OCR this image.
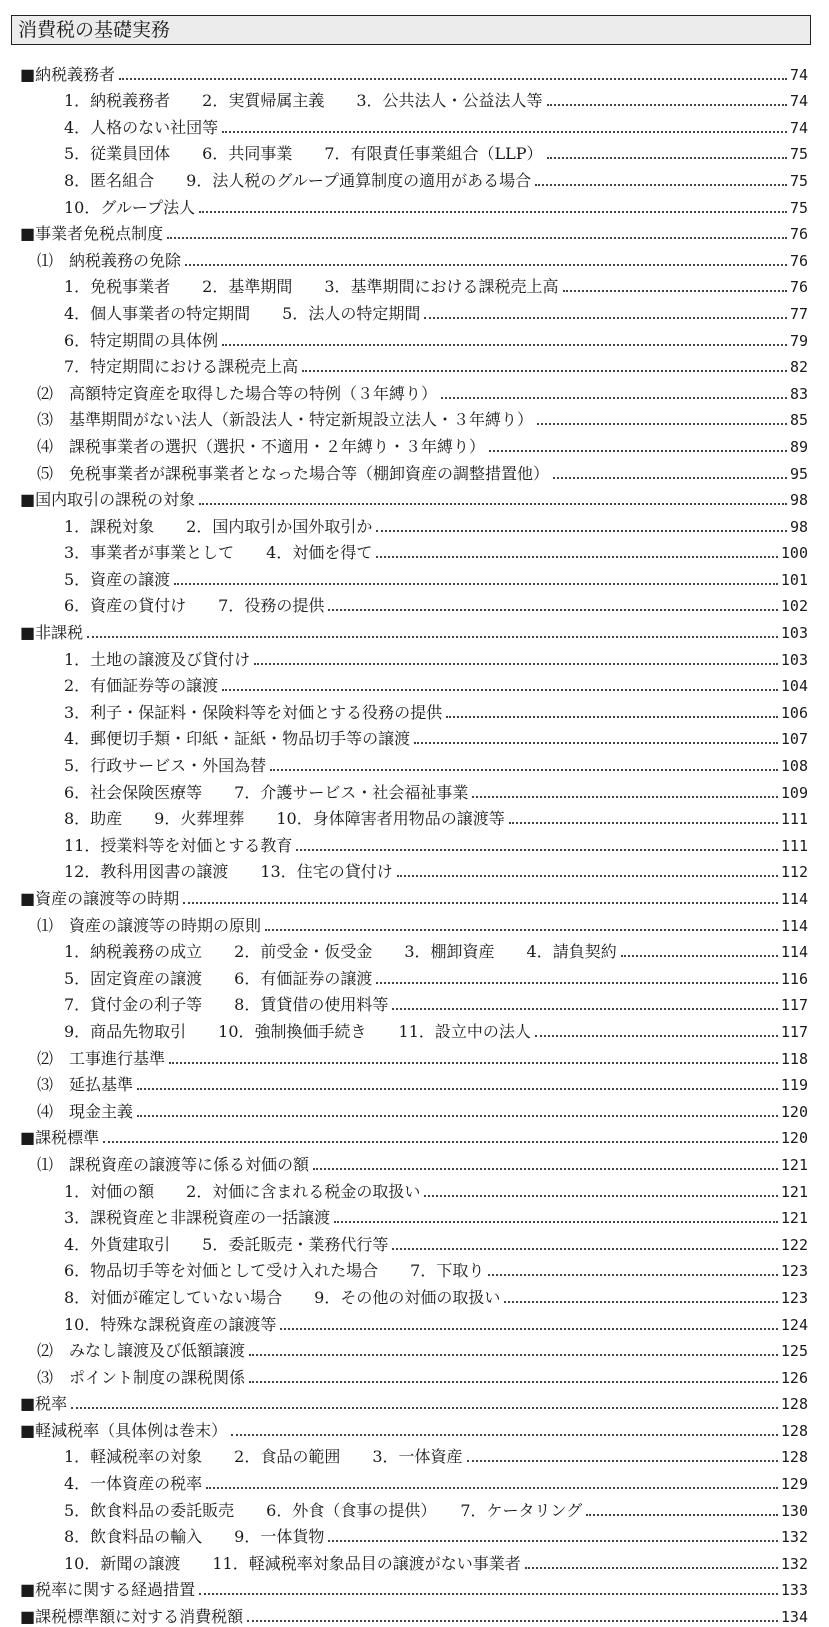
消費税の基礎実務
■納税義務者	74
1．納税義務者　　2．実質帰属主義　　3．公共法人・公益法人等	74
4．人格のない社団等	74
5．従業員団体　　6．共同事業　　7．有限責任事業組合（LLP）	75
8．匿名組合　　9．法人税のグループ通算制度の適用がある場合	75
10．グループ法人	75
■事業者免税点制度	76
⑴　納税義務の免除	76
1．免税事業者　　2．基準期間　　3．基準期間における課税売上高	76
4．個人事業者の特定期間　　5．法人の特定期間	77
6．特定期間の具体例	79
7．特定期間における課税売上高	82
⑵　高額特定資産を取得した場合等の特例（３年縛り）	83
⑶　基準期間がない法人（新設法人・特定新規設立法人・３年縛り）	85
⑷　課税事業者の選択（選択・不適用・２年縛り・３年縛り）	89
⑸　免税事業者が課税事業者となった場合等（棚卸資産の調整措置他）	95
■国内取引の課税の対象	98
1．課税対象　　2．国内取引か国外取引か	98
3．事業者が事業として　　4．対価を得て	100
5．資産の譲渡	101
6．資産の貸付け　　7．役務の提供	102
■非課税	103
1．土地の譲渡及び貸付け	103
2．有価証券等の譲渡	104
3．利子・保証料・保険料等を対価とする役務の提供	106
4．郵便切手類・印紙・証紙・物品切手等の譲渡	107
5．行政サービス・外国為替	108
6．社会保険医療等　　7．介護サービス・社会福祉事業	109
8．助産　　9．火葬埋葬　　10．身体障害者用物品の譲渡等	111
11．授業料等を対価とする教育	111
12．教科用図書の譲渡　　13．住宅の貸付け	112
■資産の譲渡等の時期	114
⑴　資産の譲渡等の時期の原則	114
1．納税義務の成立　　2．前受金・仮受金　　3．棚卸資産　　4．請負契約	114
5．固定資産の譲渡　　6．有価証券の譲渡	116
7．貸付金の利子等　　8．賃貸借の使用料等	117
9．商品先物取引　　10．強制換価手続き　　11．設立中の法人	117
⑵　工事進行基準	118
⑶　延払基準	119
⑷　現金主義	120
■課税標準	120
⑴　課税資産の譲渡等に係る対価の額	121
1．対価の額　　2．対価に含まれる税金の取扱い	121
3．課税資産と非課税資産の一括譲渡	121
4．外貨建取引　　5．委託販売・業務代行等	122
6．物品切手等を対価として受け入れた場合　　7．下取り	123
8．対価が確定していない場合　　9．その他の対価の取扱い	123
10．特殊な課税資産の譲渡等	124
⑵　みなし譲渡及び低額譲渡	125
⑶　ポイント制度の課税関係	126
■税率	128
■軽減税率（具体例は巻末）	128
1．軽減税率の対象　　2．食品の範囲　　3．一体資産	128
4．一体資産の税率	129
5．飲食料品の委託販売　　6．外食（食事の提供）　　7．ケータリング	130
8．飲食料品の輸入　　9．一体貨物	132
10．新聞の譲渡　　11．軽減税率対象品目の譲渡がない事業者	132
■税率に関する経過措置	133
■課税標準額に対する消費税額	134
